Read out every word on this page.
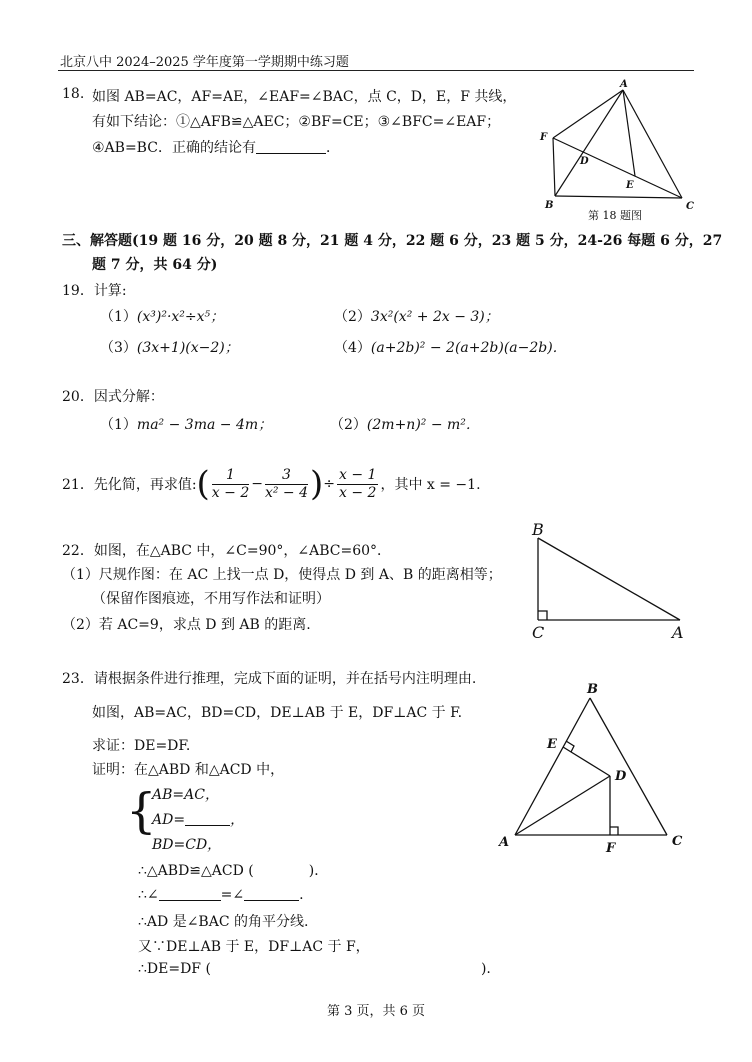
北京八中 2024–2025 学年度第一学期期中练习题
18. 如图 AB=AC，AF=AE，∠EAF=∠BAC，点 C，D，E，F 共线，
有如下结论：①△AFB≌△AEC；②BF=CE；③∠BFC=∠EAF；
④AB=BC．正确的结论有	．
A
F
D
E
B	C
第 18 题图
三、解答题(19 题 16 分，20 题 8 分，21 题 4 分，22 题 6 分，23 题 5 分，24-26 每题 6 分，27
题 7 分，共 64 分)
19．计算:
（1）(x³)²·x²÷x⁵；	（2）3x²(x² + 2x − 3)；
（3）(3x+1)(x−2)；	（4）(a+2b)² − 2(a+2b)(a−2b)．
20．因式分解：
（1）ma² − 3ma − 4m；	（2）(2m+n)² − m²．
21．先化简，再求值:( $\frac{1}{x - 2} - \frac{3}{\text{x² − 4}}$ )÷ $\frac{x - 1}{x - 2}$ ，其中 x = −1.
22．如图，在△ABC 中，∠C=90°，∠ABC=60°．
（1）尺规作图：在 AC 上找一点 D，使得点 D 到 A、B 的距离相等；
（保留作图痕迹，不用写作法和证明）
（2）若 AC=9，求点 D 到 AB 的距离.
B
C	A
23．请根据条件进行推理，完成下面的证明，并在括号内注明理由.
如图，AB=AC，BD=CD，DE⊥AB 于 E，DF⊥AC 于 F.
求证：DE=DF.
证明：在△ABD 和△ACD 中，
{
AB=AC，
AD=	，
BD=CD，
∴△ABD≌△ACD (	)．
∴∠	=∠	.
∴AD 是∠BAC 的角平分线.
又∵DE⊥AB 于 E，DF⊥AC 于 F，
∴DE=DF (	).
B
E
D
A	C
F
第 3 页，共 6 页
